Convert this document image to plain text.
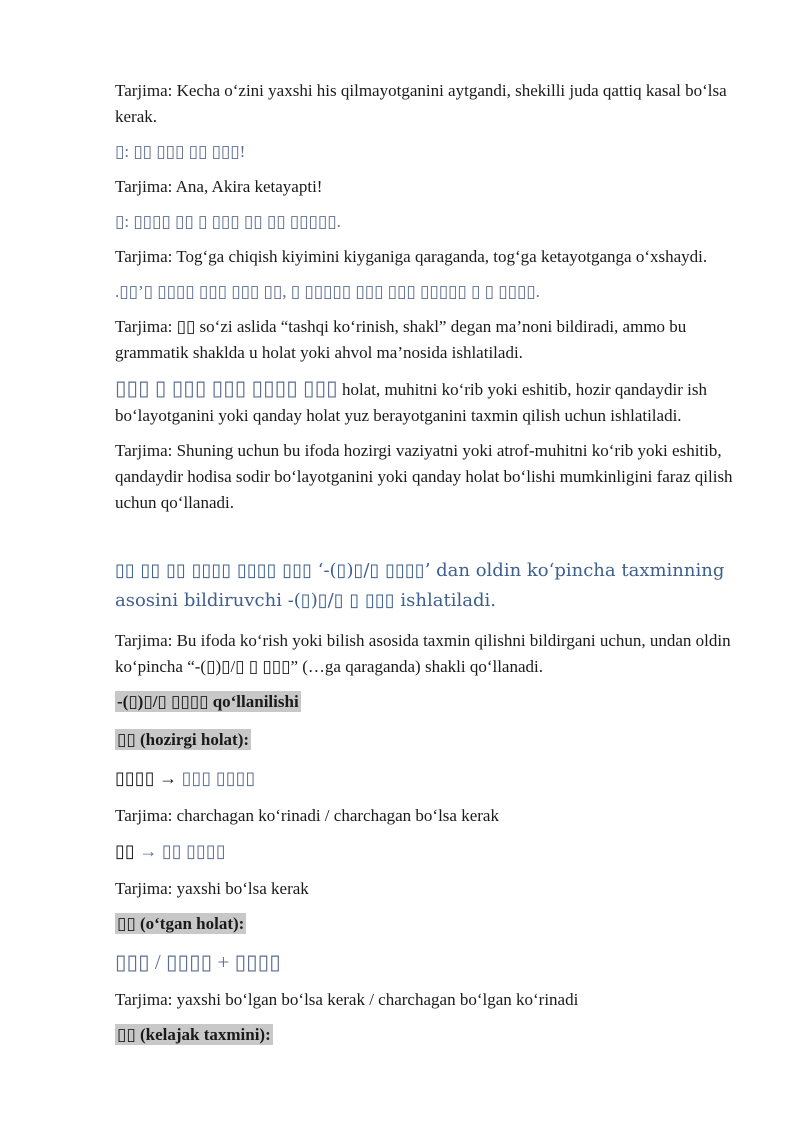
Tarjima: Kecha o‘zini yaxshi his qilmayotganini aytgandi, shekilli juda qattiq kasal bo‘lsa kerak.

▯: ▯▯ ▯▯▯ ▯▯ ▯▯▯!

Tarjima: Ana, Akira ketayapti!

▯: ▯▯▯▯ ▯▯ ▯ ▯▯▯ ▯▯ ▯▯ ▯▯▯▯▯.

Tarjima: Tog‘ga chiqish kiyimini kiyganiga qaraganda, tog‘ga ketayotganga o‘xshaydi.

.▯▯’▯ ▯▯▯▯ ▯▯▯ ▯▯▯ ▯▯, ▯ ▯▯▯▯▯ ▯▯▯ ▯▯▯ ▯▯▯▯▯ ▯ ▯ ▯▯▯▯.

Tarjima: ▯▯ so‘zi aslida “tashqi ko‘rinish, shakl” degan ma’noni bildiradi, ammo bu grammatik shaklda u holat yoki ahvol ma’nosida ishlatiladi.

▯▯▯ ▯ ▯▯▯ ▯▯▯ ▯▯▯▯ ▯▯▯ holat, muhitni ko‘rib yoki eshitib, hozir qandaydir ish bo‘layotganini yoki qanday holat yuz berayotganini taxmin qilish uchun ishlatiladi.

Tarjima: Shuning uchun bu ifoda hozirgi vaziyatni yoki atrof-muhitni ko‘rib yoki eshitib, qandaydir hodisa sodir bo‘layotganini yoki qanday holat bo‘lishi mumkinligini faraz qilish uchun qo‘llanadi.

▯▯ ▯▯ ▯▯ ▯▯▯▯ ▯▯▯▯ ▯▯▯ ‘-(▯)▯/▯ ▯▯▯▯’ dan oldin ko‘pincha taxminning asosini bildiruvchi -(▯)▯/▯ ▯ ▯▯▯ ishlatiladi.

Tarjima: Bu ifoda ko‘rish yoki bilish asosida taxmin qilishni bildirgani uchun, undan oldin ko‘pincha “-(▯)▯/▯ ▯ ▯▯▯” (…ga qaraganda) shakli qo‘llanadi.

-(▯)▯/▯ ▯▯▯▯ qo‘llanilishi

▯▯ (hozirgi holat):

▯▯▯▯ → ▯▯▯ ▯▯▯▯

Tarjima: charchagan ko‘rinadi / charchagan bo‘lsa kerak

▯▯ → ▯▯ ▯▯▯▯

Tarjima: yaxshi bo‘lsa kerak

▯▯ (o‘tgan holat):

▯▯▯ / ▯▯▯▯ + ▯▯▯▯

Tarjima: yaxshi bo‘lgan bo‘lsa kerak / charchagan bo‘lgan ko‘rinadi

▯▯ (kelajak taxmini):
